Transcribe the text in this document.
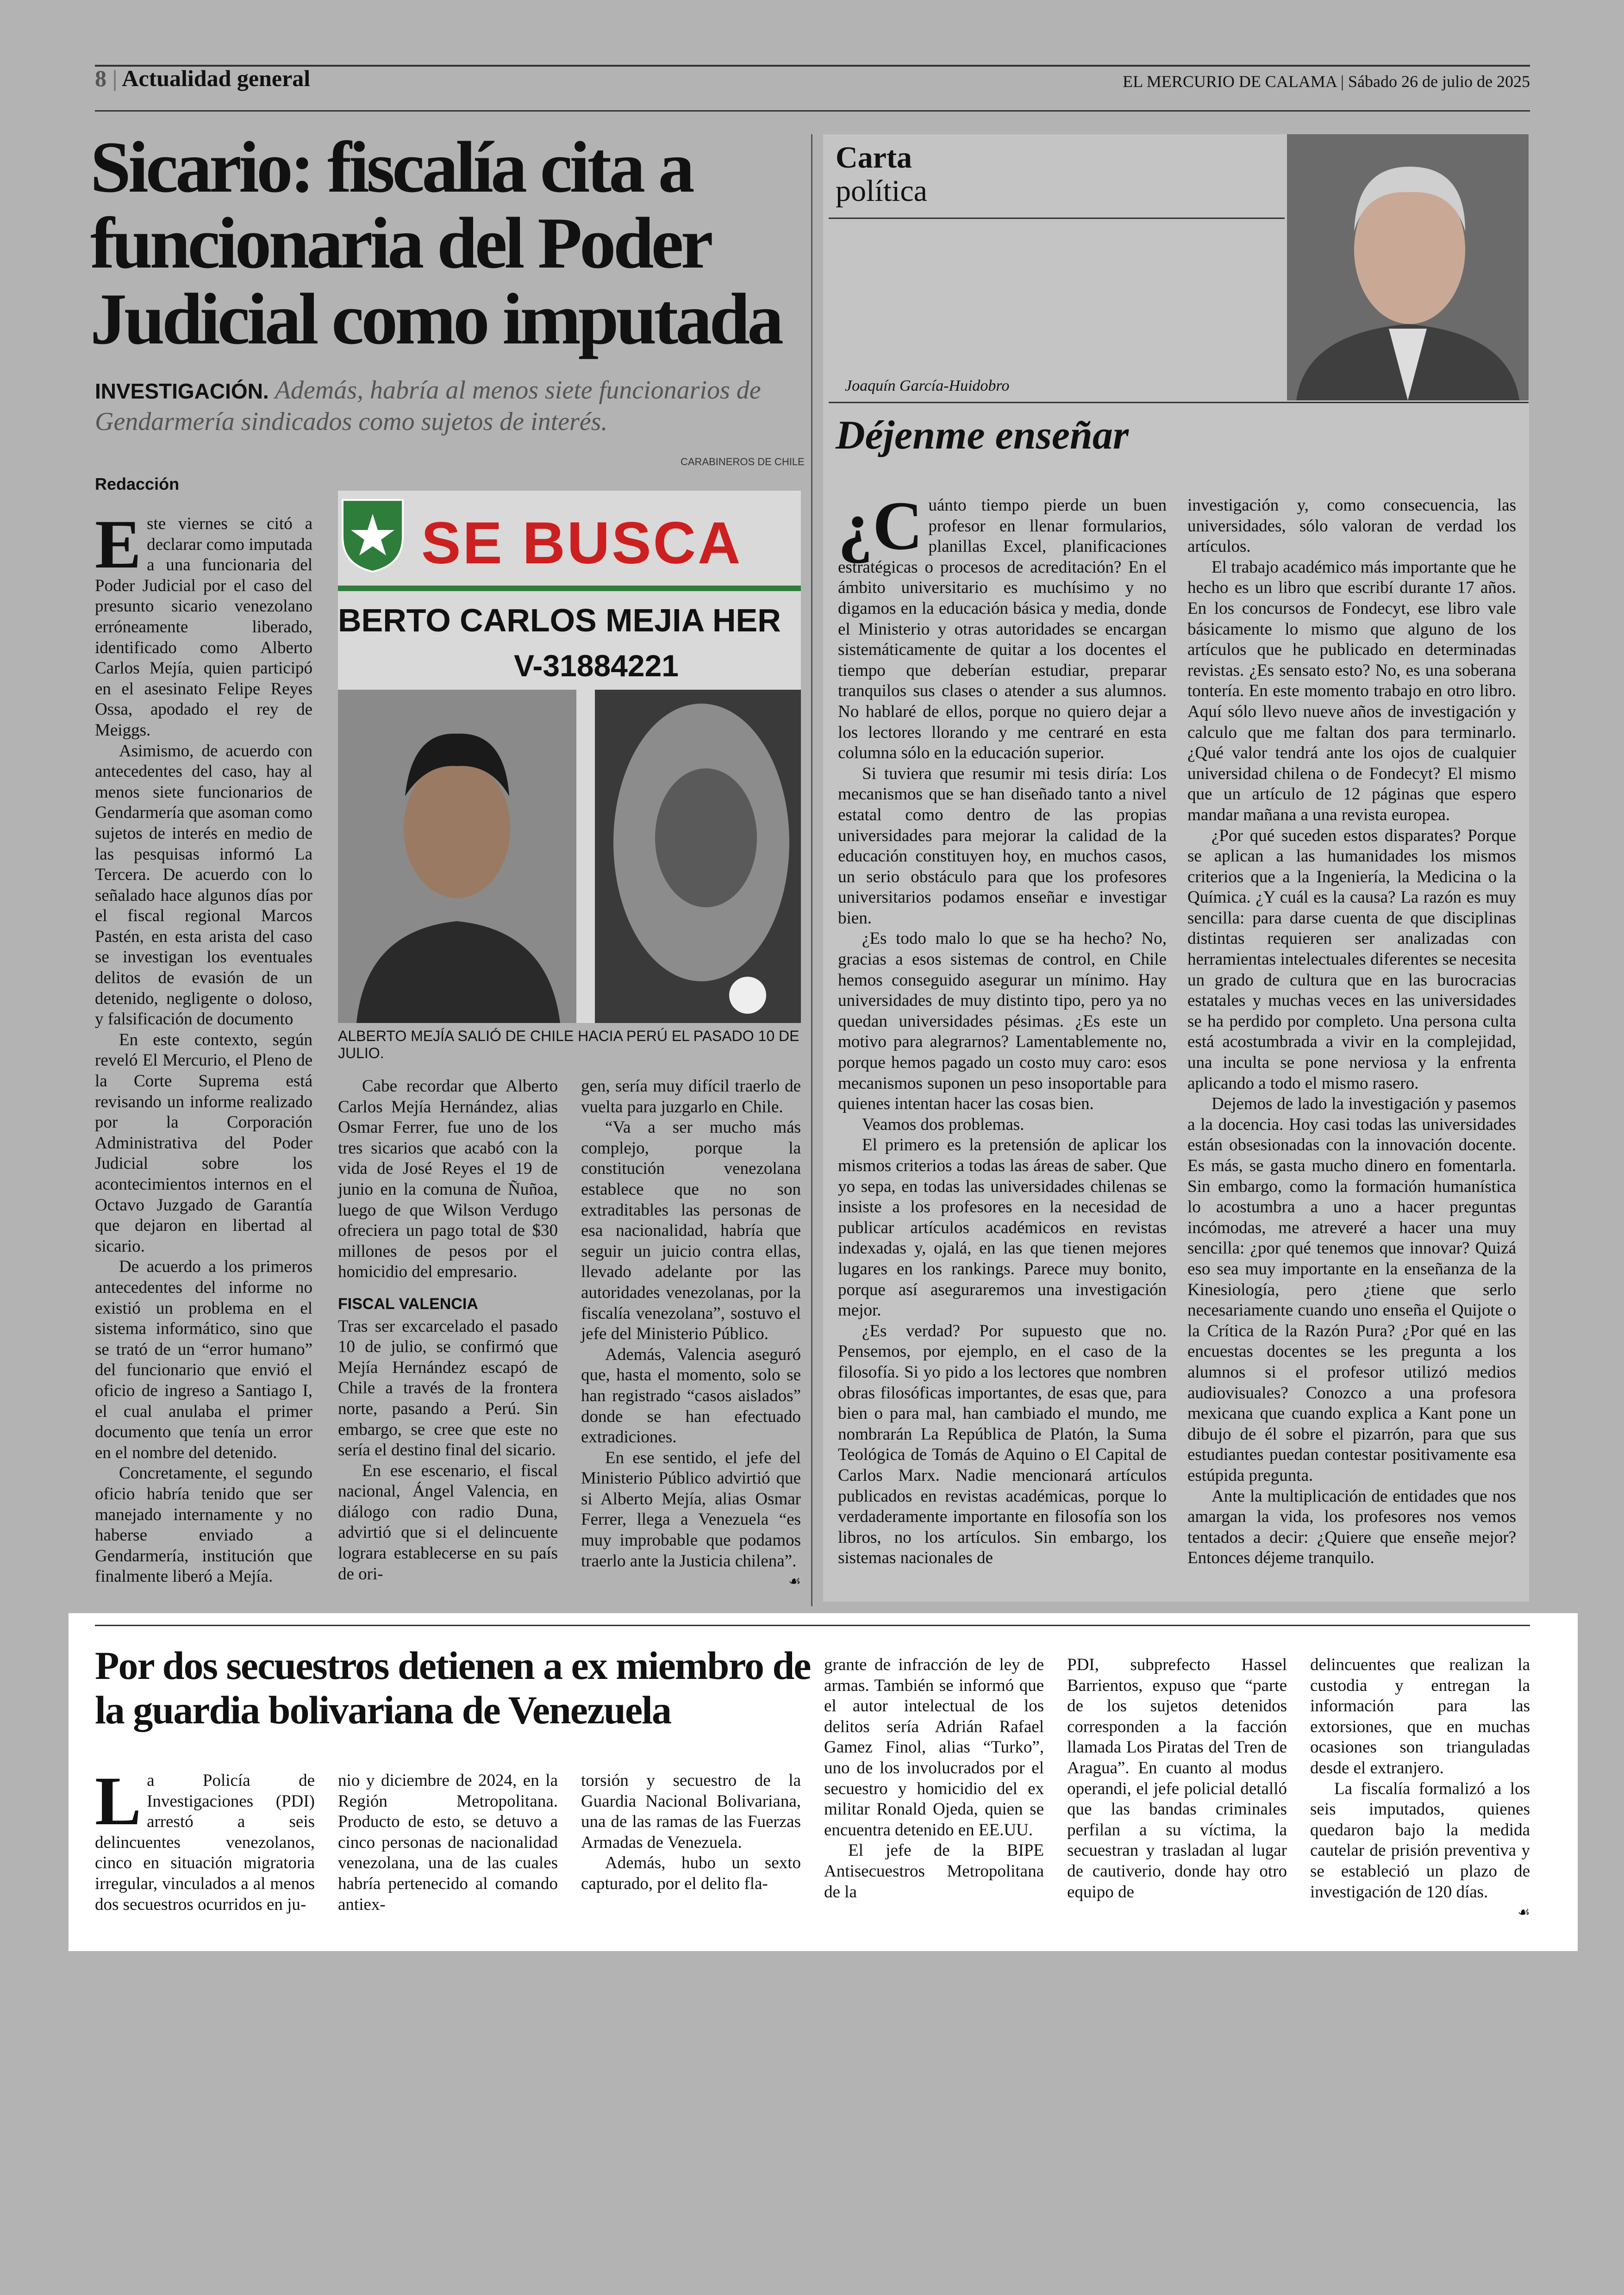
8 | Actualidad general	EL MERCURIO DE CALAMA | Sábado 26 de julio de 2025
Sicario: fiscalía cita a funcionaria del Poder Judicial como imputada
INVESTIGACIÓN. Además, habría al menos siete funcionarios de Gendarmería sindicados como sujetos de interés.
CARABINEROS DE CHILE
Redacción

Este viernes se citó a declarar como imputada a una funcionaria del Poder Judicial por el caso del presunto sicario venezolano erróneamente liberado, identificado como Alberto Carlos Mejía, quien participó en el asesinato Felipe Reyes Ossa, apodado el rey de Meiggs.

Asimismo, de acuerdo con antecedentes del caso, hay al menos siete funcionarios de Gendarmería que asoman como sujetos de interés en medio de las pesquisas informó La Tercera. De acuerdo con lo señalado hace algunos días por el fiscal regional Marcos Pastén, en esta arista del caso se investigan los eventuales delitos de evasión de un detenido, negligente o doloso, y falsificación de documento

En este contexto, según reveló El Mercurio, el Pleno de la Corte Suprema está revisando un informe realizado por la Corporación Administrativa del Poder Judicial sobre los acontecimientos internos en el Octavo Juzgado de Garantía que dejaron en libertad al sicario.

De acuerdo a los primeros antecedentes del informe no existió un problema en el sistema informático, sino que se trató de un “error humano” del funcionario que envió el oficio de ingreso a Santiago I, el cual anulaba el primer documento que tenía un error en el nombre del detenido.

Concretamente, el segundo oficio habría tenido que ser manejado internamente y no haberse enviado a Gendarmería, institución que finalmente liberó a Mejía.

SE BUSCA
BERTO CARLOS MEJIA HER
V-31884221
ALBERTO MEJÍA SALIÓ DE CHILE HACIA PERÚ EL PASADO 10 DE JULIO.

Cabe recordar que Alberto Carlos Mejía Hernández, alias Osmar Ferrer, fue uno de los tres sicarios que acabó con la vida de José Reyes el 19 de junio en la comuna de Ñuñoa, luego de que Wilson Verdugo ofreciera un pago total de $30 millones de pesos por el homicidio del empresario.

FISCAL VALENCIA

Tras ser excarcelado el pasado 10 de julio, se confirmó que Mejía Hernández escapó de Chile a través de la frontera norte, pasando a Perú. Sin embargo, se cree que este no sería el destino final del sicario.

En ese escenario, el fiscal nacional, Ángel Valencia, en diálogo con radio Duna, advirtió que si el delincuente lograra establecerse en su país de ori-

gen, sería muy difícil traerlo de vuelta para juzgarlo en Chile.

“Va a ser mucho más complejo, porque la constitución venezolana establece que no son extraditables las personas de esa nacionalidad, habría que seguir un juicio contra ellas, llevado adelante por las autoridades venezolanas, por la fiscalía venezolana”, sostuvo el jefe del Ministerio Público.

Además, Valencia aseguró que, hasta el momento, solo se han registrado “casos aislados” donde se han efectuado extradiciones.

En ese sentido, el jefe del Ministerio Público advirtió que si Alberto Mejía, alias Osmar Ferrer, llega a Venezuela “es muy improbable que podamos traerlo ante la Justicia chilena”.

☙
Carta
política
Joaquín García-Huidobro
Déjenme enseñar

¿C uánto tiempo pierde un buen profesor en llenar formularios, planillas Excel, planificaciones estratégicas o procesos de acreditación? En el ámbito universitario es muchísimo y no digamos en la educación básica y media, donde el Ministerio y otras autoridades se encargan sistemáticamente de quitar a los docentes el tiempo que deberían estudiar, preparar tranquilos sus clases o atender a sus alumnos. No hablaré de ellos, porque no quiero dejar a los lectores llorando y me centraré en esta columna sólo en la educación superior.

Si tuviera que resumir mi tesis diría: Los mecanismos que se han diseñado tanto a nivel estatal como dentro de las propias universidades para mejorar la calidad de la educación constituyen hoy, en muchos casos, un serio obstáculo para que los profesores universitarios podamos enseñar e investigar bien.

¿Es todo malo lo que se ha hecho? No, gracias a esos sistemas de control, en Chile hemos conseguido asegurar un mínimo. Hay universidades de muy distinto tipo, pero ya no quedan universidades pésimas. ¿Es este un motivo para alegrarnos? Lamentablemente no, porque hemos pagado un costo muy caro: esos mecanismos suponen un peso insoportable para quienes intentan hacer las cosas bien.

Veamos dos problemas.

El primero es la pretensión de aplicar los mismos criterios a todas las áreas de saber. Que yo sepa, en todas las universidades chilenas se insiste a los profesores en la necesidad de publicar artículos académicos en revistas indexadas y, ojalá, en las que tienen mejores lugares en los rankings. Parece muy bonito, porque así aseguraremos una investigación mejor.

¿Es verdad? Por supuesto que no. Pensemos, por ejemplo, en el caso de la filosofía. Si yo pido a los lectores que nombren obras filosóficas importantes, de esas que, para bien o para mal, han cambiado el mundo, me nombrarán La República de Platón, la Suma Teológica de Tomás de Aquino o El Capital de Carlos Marx. Nadie mencionará artículos publicados en revistas académicas, porque lo verdaderamente importante en filosofía son los libros, no los artículos. Sin embargo, los sistemas nacionales de

investigación y, como consecuencia, las universidades, sólo valoran de verdad los artículos.

El trabajo académico más importante que he hecho es un libro que escribí durante 17 años. En los concursos de Fondecyt, ese libro vale básicamente lo mismo que alguno de los artículos que he publicado en determinadas revistas. ¿Es sensato esto? No, es una soberana tontería. En este momento trabajo en otro libro. Aquí sólo llevo nueve años de investigación y calculo que me faltan dos para terminarlo. ¿Qué valor tendrá ante los ojos de cualquier universidad chilena o de Fondecyt? El mismo que un artículo de 12 páginas que espero mandar mañana a una revista europea.

¿Por qué suceden estos disparates? Porque se aplican a las humanidades los mismos criterios que a la Ingeniería, la Medicina o la Química. ¿Y cuál es la causa? La razón es muy sencilla: para darse cuenta de que disciplinas distintas requieren ser analizadas con herramientas intelectuales diferentes se necesita un grado de cultura que en las burocracias estatales y muchas veces en las universidades se ha perdido por completo. Una persona culta está acostumbrada a vivir en la complejidad, una inculta se pone nerviosa y la enfrenta aplicando a todo el mismo rasero.

Dejemos de lado la investigación y pasemos a la docencia. Hoy casi todas las universidades están obsesionadas con la innovación docente. Es más, se gasta mucho dinero en fomentarla. Sin embargo, como la formación humanística lo acostumbra a uno a hacer preguntas incómodas, me atreveré a hacer una muy sencilla: ¿por qué tenemos que innovar? Quizá eso sea muy importante en la enseñanza de la Kinesiología, pero ¿tiene que serlo necesariamente cuando uno enseña el Quijote o la Crítica de la Razón Pura? ¿Por qué en las encuestas docentes se les pregunta a los alumnos si el profesor utilizó medios audiovisuales? Conozco a una profesora mexicana que cuando explica a Kant pone un dibujo de él sobre el pizarrón, para que sus estudiantes puedan contestar positivamente esa estúpida pregunta.

Ante la multiplicación de entidades que nos amargan la vida, los profesores nos vemos tentados a decir: ¿Quiere que enseñe mejor? Entonces déjeme tranquilo.

Por dos secuestros detienen a ex miembro de la guardia bolivariana de Venezuela

La Policía de Investigaciones (PDI) arrestó a seis delincuentes venezolanos, cinco en situación migratoria irregular, vinculados a al menos dos secuestros ocurridos en ju-

nio y diciembre de 2024, en la Región Metropolitana. Producto de esto, se detuvo a cinco personas de nacionalidad venezolana, una de las cuales habría pertenecido al comando antiex-

torsión y secuestro de la Guardia Nacional Bolivariana, una de las ramas de las Fuerzas Armadas de Venezuela.

Además, hubo un sexto capturado, por el delito fla-

grante de infracción de ley de armas. También se informó que el autor intelectual de los delitos sería Adrián Rafael Gamez Finol, alias “Turko”, uno de los involucrados por el secuestro y homicidio del ex militar Ronald Ojeda, quien se encuentra detenido en EE.UU.

El jefe de la BIPE Antisecuestros Metropolitana de la

PDI, subprefecto Hassel Barrientos, expuso que “parte de los sujetos detenidos corresponden a la facción llamada Los Piratas del Tren de Aragua”. En cuanto al modus operandi, el jefe policial detalló que las bandas criminales perfilan a su víctima, la secuestran y trasladan al lugar de cautiverio, donde hay otro equipo de

delincuentes que realizan la custodia y entregan la información para las extorsiones, que en muchas ocasiones son trianguladas desde el extranjero.

La fiscalía formalizó a los seis imputados, quienes quedaron bajo la medida cautelar de prisión preventiva y se estableció un plazo de investigación de 120 días.

☙
